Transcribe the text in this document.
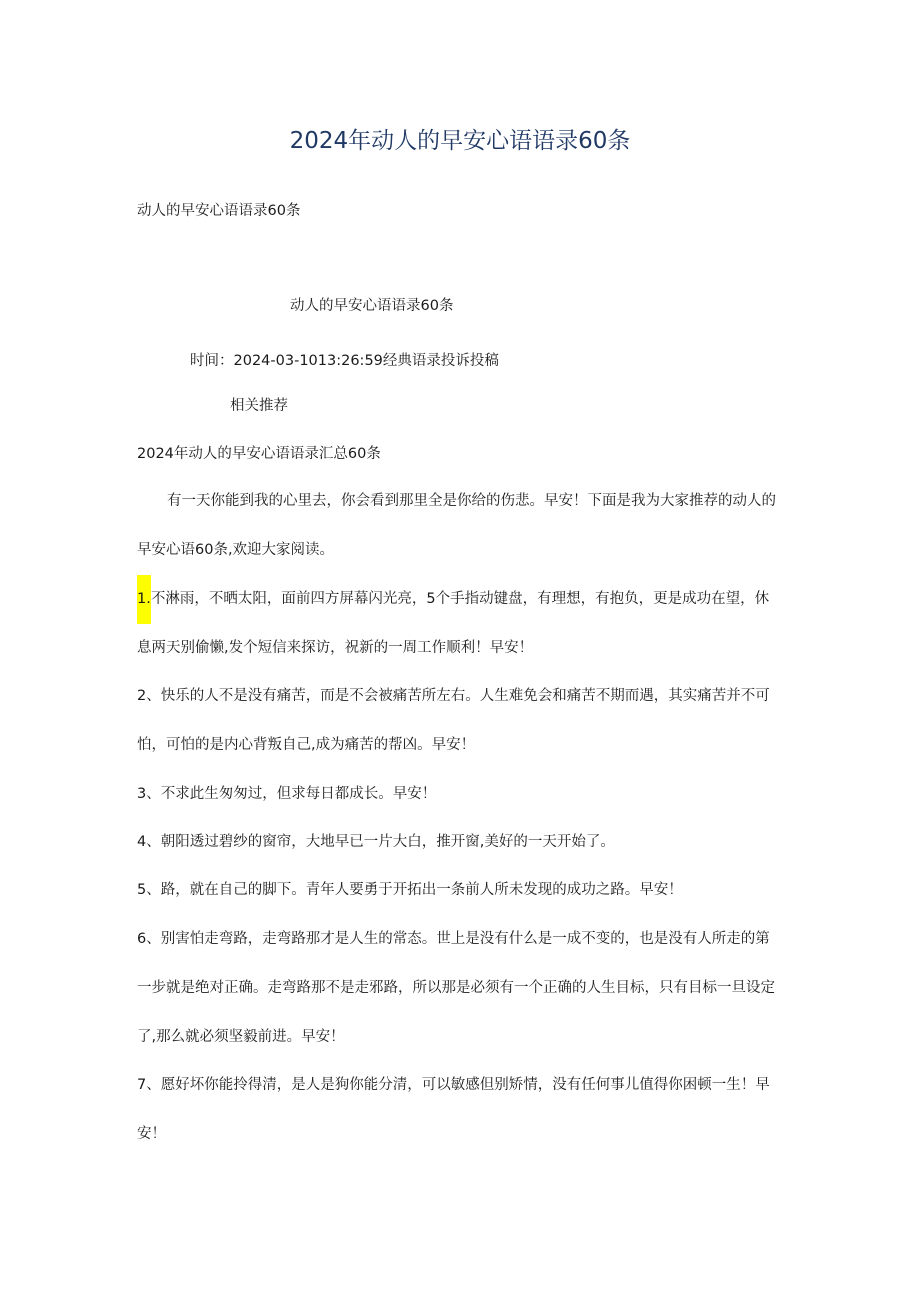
2024年动人的早安心语语录60条
动人的早安心语语录60条
动人的早安心语语录60条
时间：2024-03-1013:26:59经典语录投诉投稿
相关推荐
2024年动人的早安心语语录汇总60条
有一天你能到我的心里去，你会看到那里全是你给的伤悲。早安！下面是我为大家推荐的动人的
早安心语60条,欢迎大家阅读。
1.不淋雨，不晒太阳，面前四方屏幕闪光亮，5个手指动键盘，有理想，有抱负，更是成功在望，休
息两天别偷懒,发个短信来探访，祝新的一周工作顺利！早安！
2、快乐的人不是没有痛苦，而是不会被痛苦所左右。人生难免会和痛苦不期而遇，其实痛苦并不可
怕，可怕的是内心背叛自己,成为痛苦的帮凶。早安！
3、不求此生匆匆过，但求每日都成长。早安！
4、朝阳透过碧纱的窗帘，大地早已一片大白，推开窗,美好的一天开始了。
5、路，就在自己的脚下。青年人要勇于开拓出一条前人所未发现的成功之路。早安！
6、别害怕走弯路，走弯路那才是人生的常态。世上是没有什么是一成不变的，也是没有人所走的第
一步就是绝对正确。走弯路那不是走邪路，所以那是必须有一个正确的人生目标，只有目标一旦设定
了,那么就必须坚毅前进。早安！
7、愿好坏你能拎得清，是人是狗你能分清，可以敏感但别矫情，没有任何事儿值得你困顿一生！早
安！
